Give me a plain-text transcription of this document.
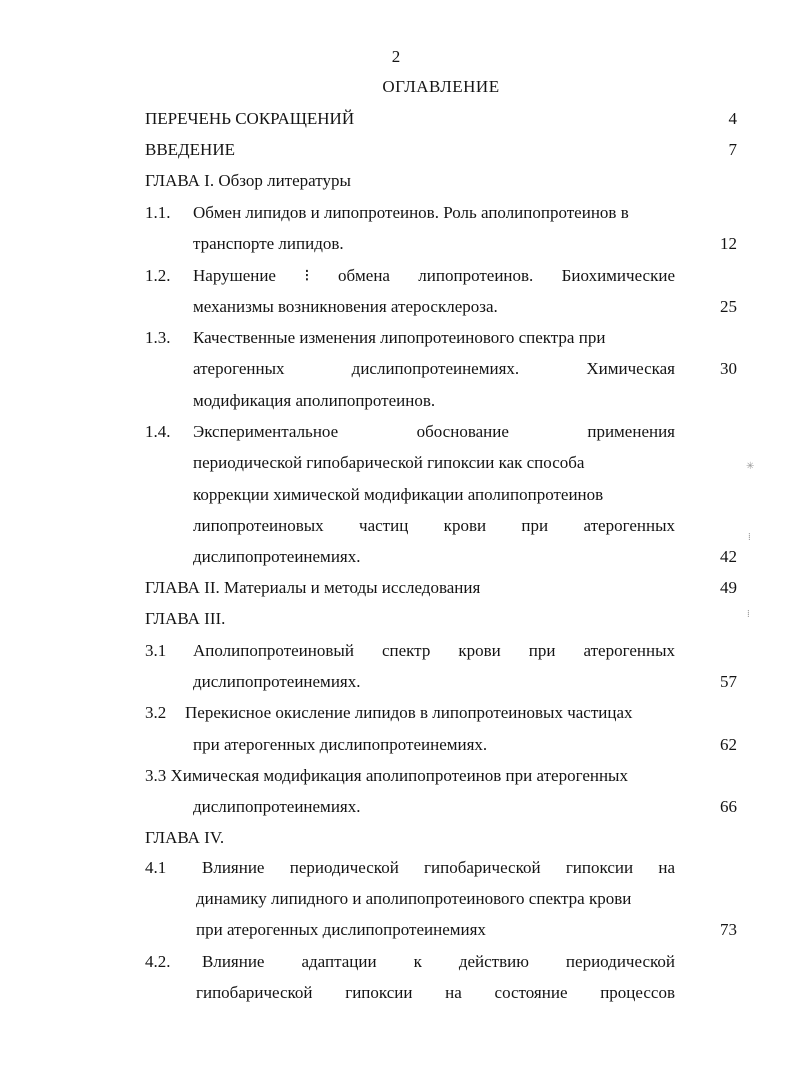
2
ОГЛАВЛЕНИЕ
ПЕРЕЧЕНЬ СОКРАЩЕНИЙ	4
ВВЕДЕНИЕ	7
ГЛАВА I. Обзор литературы
1.1. Обмен липидов и липопротеинов. Роль аполипопротеинов в
транспорте липидов.	12
1.2. Нарушение ⁝ обмена липопротеинов. Биохимические
механизмы возникновения атеросклероза.	25
1.3. Качественные изменения липопротеинового спектра при
атерогенных дислипопротеинемиях. Химическая	30
модификация аполипопротеинов.
1.4. Экспериментальное обоснование применения
периодической гипобарической гипоксии как способа
коррекции химической модификации аполипопротеинов
липопротеиновых частиц крови при атерогенных
дислипопротеинемиях.	42
ГЛАВА II. Материалы и методы исследования	49
ГЛАВА III.
3.1 Аполипопротеиновый спектр крови при атерогенных
дислипопротеинемиях.	57
3.2 Перекисное окисление липидов в липопротеиновых частицах
при атерогенных дислипопротеинемиях.	62
3.3 Химическая модификация аполипопротеинов при атерогенных
дислипопротеинемиях.	66
ГЛАВА IV.
4.1 Влияние периодической гипобарической гипоксии на
динамику липидного и аполипопротеинового спектра крови
при атерогенных дислипопротеинемиях	73
4.2. Влияние адаптации к действию периодической
гипобарической гипоксии на состояние процессов
✳
⁞
⁞
